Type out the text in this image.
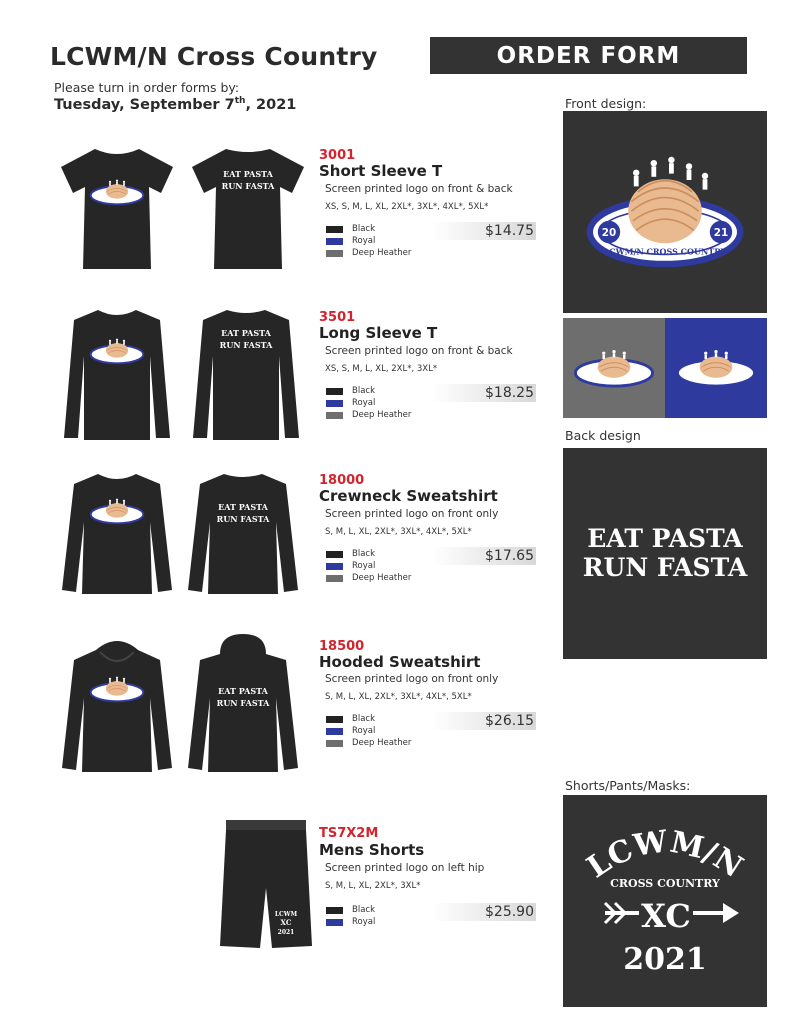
LCWM/N Cross Country	ORDER FORM
Please turn in order forms by:
Tuesday, September 7th, 2021	Front design:
20	21
LCWM/N CROSS COUNTRY
Back design
EAT PASTA
RUN FASTA
Shorts/Pants/Masks:
LCWM/N
CROSS COUNTRY
XC
2021
EAT PASTA
RUN FASTA
3001
Short Sleeve T
Screen printed logo on front & back
XS, S, M, L, XL, 2XL*, 3XL*, 4XL*, 5XL*
Black
Royal
Deep Heather
$14.75
EAT PASTA
RUN FASTA
3501
Long Sleeve T
Screen printed logo on front & back
XS, S, M, L, XL, 2XL*, 3XL*
Black
Royal
Deep Heather
$18.25
EAT PASTA
RUN FASTA
18000
Crewneck Sweatshirt
Screen printed logo on front only
S, M, L, XL, 2XL*, 3XL*, 4XL*, 5XL*
Black
Royal
Deep Heather
$17.65
EAT PASTA
RUN FASTA
18500
Hooded Sweatshirt
Screen printed logo on front only
S, M, L, XL, 2XL*, 3XL*, 4XL*, 5XL*
Black
Royal
Deep Heather
$26.15
LCWM
XC
2021
TS7X2M
Mens Shorts
Screen printed logo on left hip
S, M, L, XL, 2XL*, 3XL*
Black
Royal
$25.90
